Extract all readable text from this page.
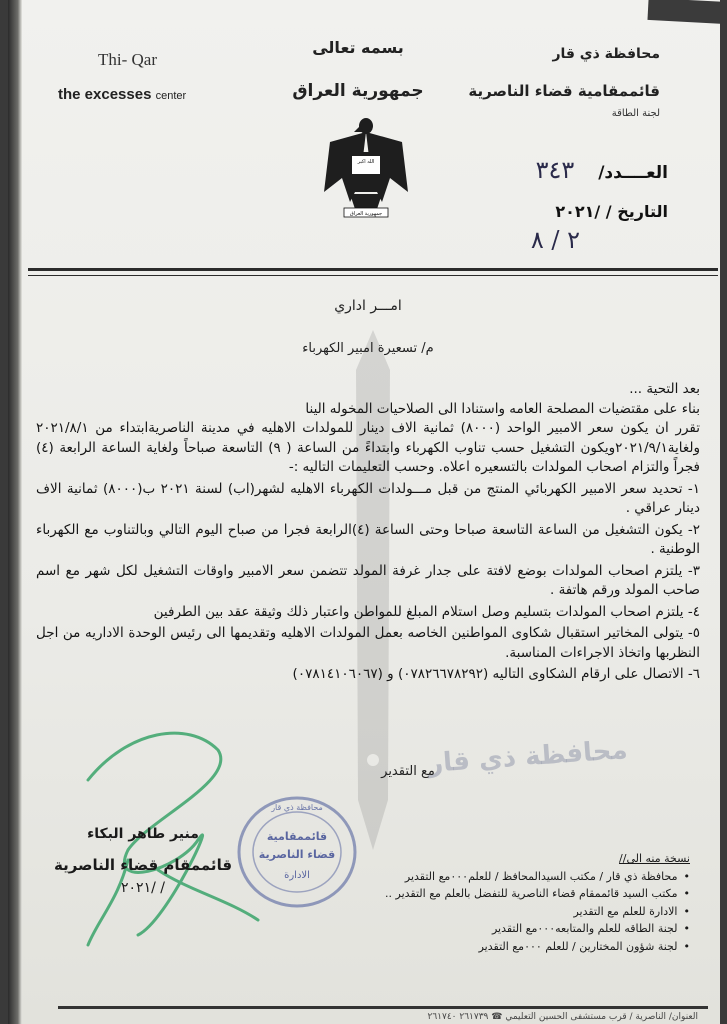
Thi- Qar
the excesses center
بسمه تعالى
جمهورية العراق
الله اكبر
جمهورية العراق
محافظة ذي قار
قائممقامية قضاء الناصرية
لجنة الطاقة
العــــدد/ ٣٤٣
التاريخ / /٢٠٢١
٢ / ٨
امـــر اداري
م/ تسعيرة امبير الكهرباء

بعد التحية ...

بناء على مقتضيات المصلحة العامه واستنادا الى الصلاحيات المخوله الينا

تقرر ان يكون سعر الامبير الواحد (٨٠٠٠) ثمانية الاف دينار للمولدات الاهليه في مدينة الناصريةابتداء من ٢٠٢١/٨/١ ولغاية٢٠٢١/٩/١ويكون التشغيل حسب تناوب الكهرباء وابتداءً من الساعة ( ٩) التاسعة صباحاً ولغاية الساعة الرابعة (٤) فجراً والتزام اصحاب المولدات بالتسعيره اعلاه. وحسب التعليمات التاليه :-

١- تحديد سعر الامبير الكهربائي المنتج من قبل مـــولدات الكهرباء الاهليه لشهر(اب) لسنة ٢٠٢١ ب(٨٠٠٠) ثمانية الاف دينار عراقي .

٢- يكون التشغيل من الساعة التاسعة صباحا وحتى الساعة (٤)الرابعة فجرا من صباح اليوم التالي وبالتناوب مع الكهرباء الوطنية .

٣- يلتزم اصحاب المولدات بوضع لافتة على جدار غرفة المولد تتضمن سعر الامبير واوقات التشغيل لكل شهر مع اسم صاحب المولد ورقم هاتفة .

٤- يلتزم اصحاب المولدات بتسليم وصل استلام المبلغ للمواطن واعتبار ذلك وثيقة عقد بين الطرفين

٥- يتولى المخاتير استقبال شكاوى المواطنين الخاصه بعمل المولدات الاهليه وتقديمها الى رئيس الوحدة الاداريه من اجل النظربها واتخاذ الاجراءات المناسبة.

٦- الاتصال على ارقام الشكاوى التاليه (٠٧٨٢٦٦٧٨٢٩٢) و (٠٧٨١٤١٠٦٠٦٧)

محافظة ذي قار
مع التقدير
محافظة ذي قار
قائممقامية
قضاء الناصرية
الادارة
منير طاهر البكاء
قائممقام قضاء الناصرية
/ /٢٠٢١
نسخة منه الى//
• محافظة ذي قار / مكتب السيدالمحافظ / للعلم٠٠٠مع التقدير
• مكتب السيد قائممقام قضاء الناصرية للتفضل بالعلم مع التقدير ..
• الادارة للعلم مع التقدير
• لجنة الطاقه للعلم والمتابعه٠٠٠مع التقدير
• لجنة شؤون المختارين / للعلم ٠٠٠مع التقدير
العنوان/ الناصرية / قرب مستشفى الحسين التعليمي ☎ ٢٦١٧٣٩ ٢٦١٧٤٠
